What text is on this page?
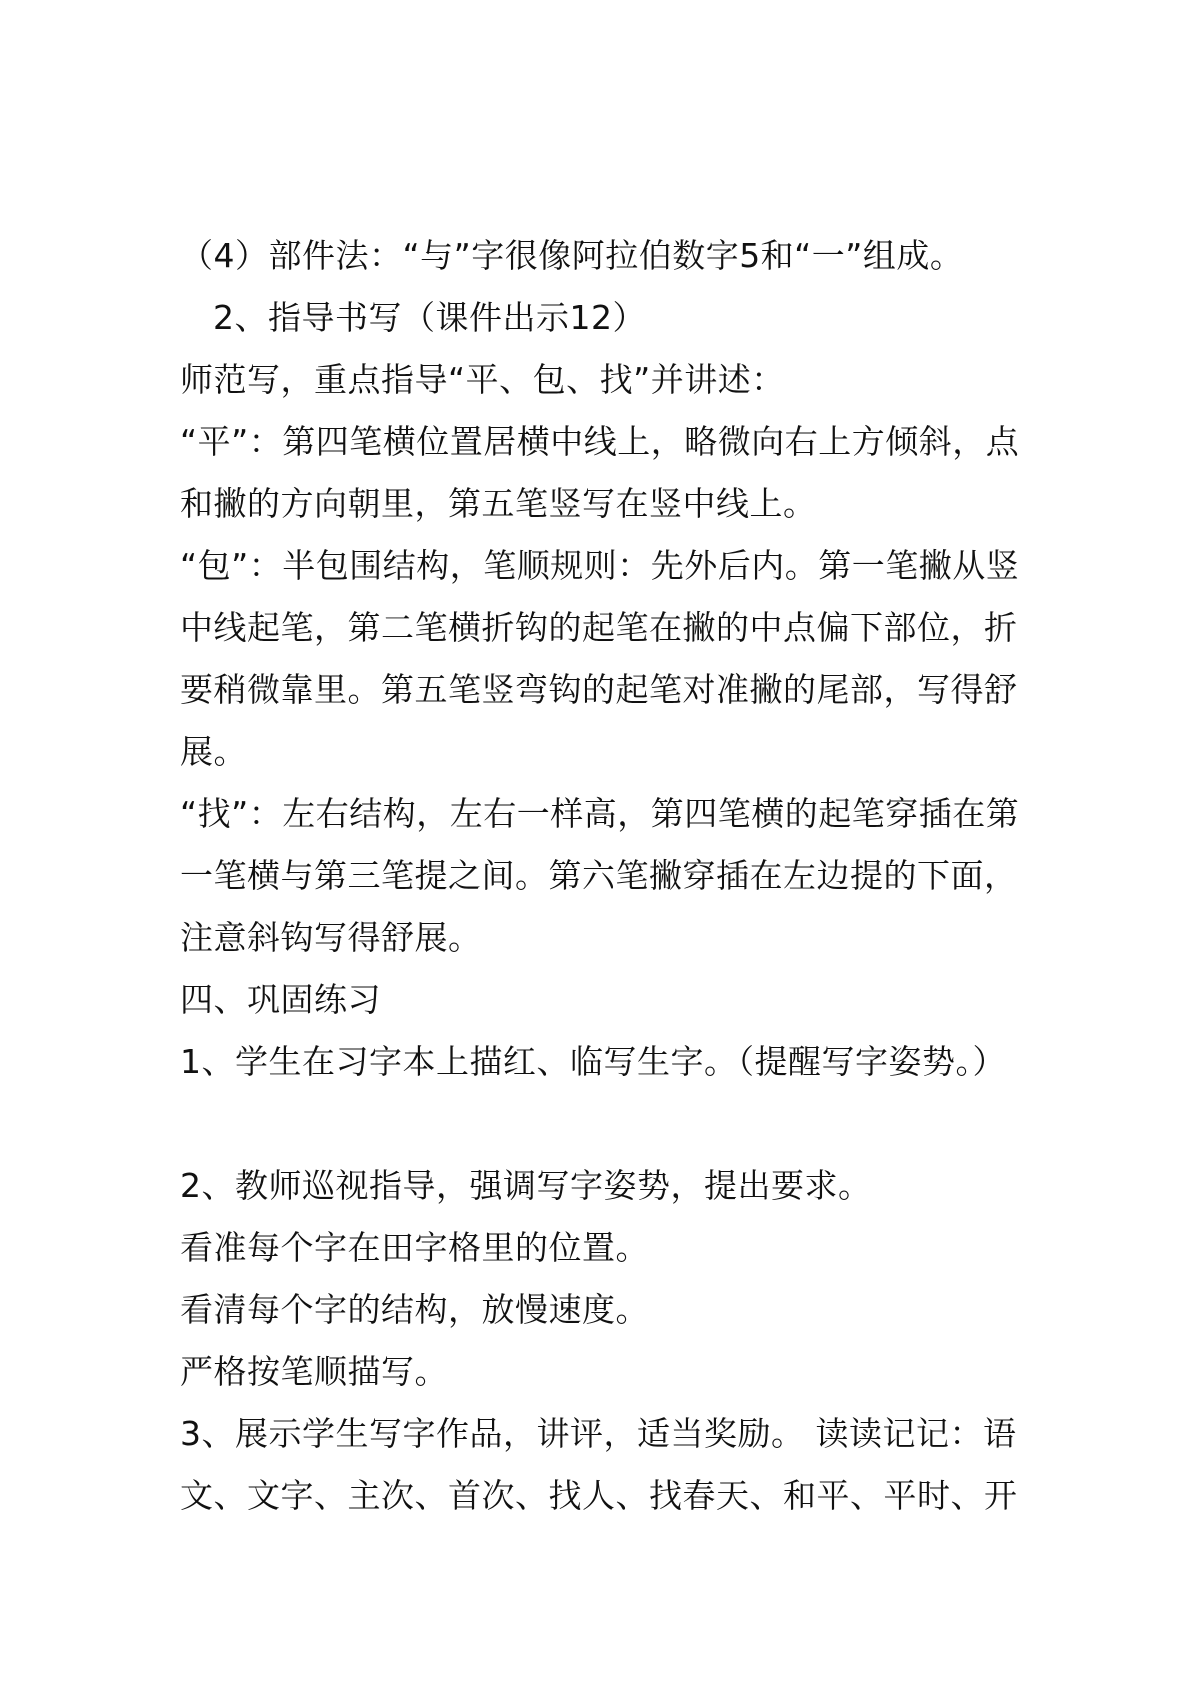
（4）部件法：“与”字很像阿拉伯数字5和“一”组成。
2、指导书写（课件出示12）
师范写，重点指导“平、包、找”并讲述：
“平”：第四笔横位置居横中线上，略微向右上方倾斜，点
和撇的方向朝里，第五笔竖写在竖中线上。
“包”：半包围结构，笔顺规则：先外后内。第一笔撇从竖
中线起笔，第二笔横折钩的起笔在撇的中点偏下部位，折
要稍微靠里。第五笔竖弯钩的起笔对准撇的尾部，写得舒
展。
“找”：左右结构，左右一样高，第四笔横的起笔穿插在第
一笔横与第三笔提之间。第六笔撇穿插在左边提的下面，
注意斜钩写得舒展。
四、巩固练习
1、学生在习字本上描红、临写生字。（提醒写字姿势。）
2、教师巡视指导，强调写字姿势，提出要求。
看准每个字在田字格里的位置。
看清每个字的结构，放慢速度。
严格按笔顺描写。
3、展示学生写字作品，讲评，适当奖励。 读读记记：语
文、文字、主次、首次、找人、找春天、和平、平时、开
